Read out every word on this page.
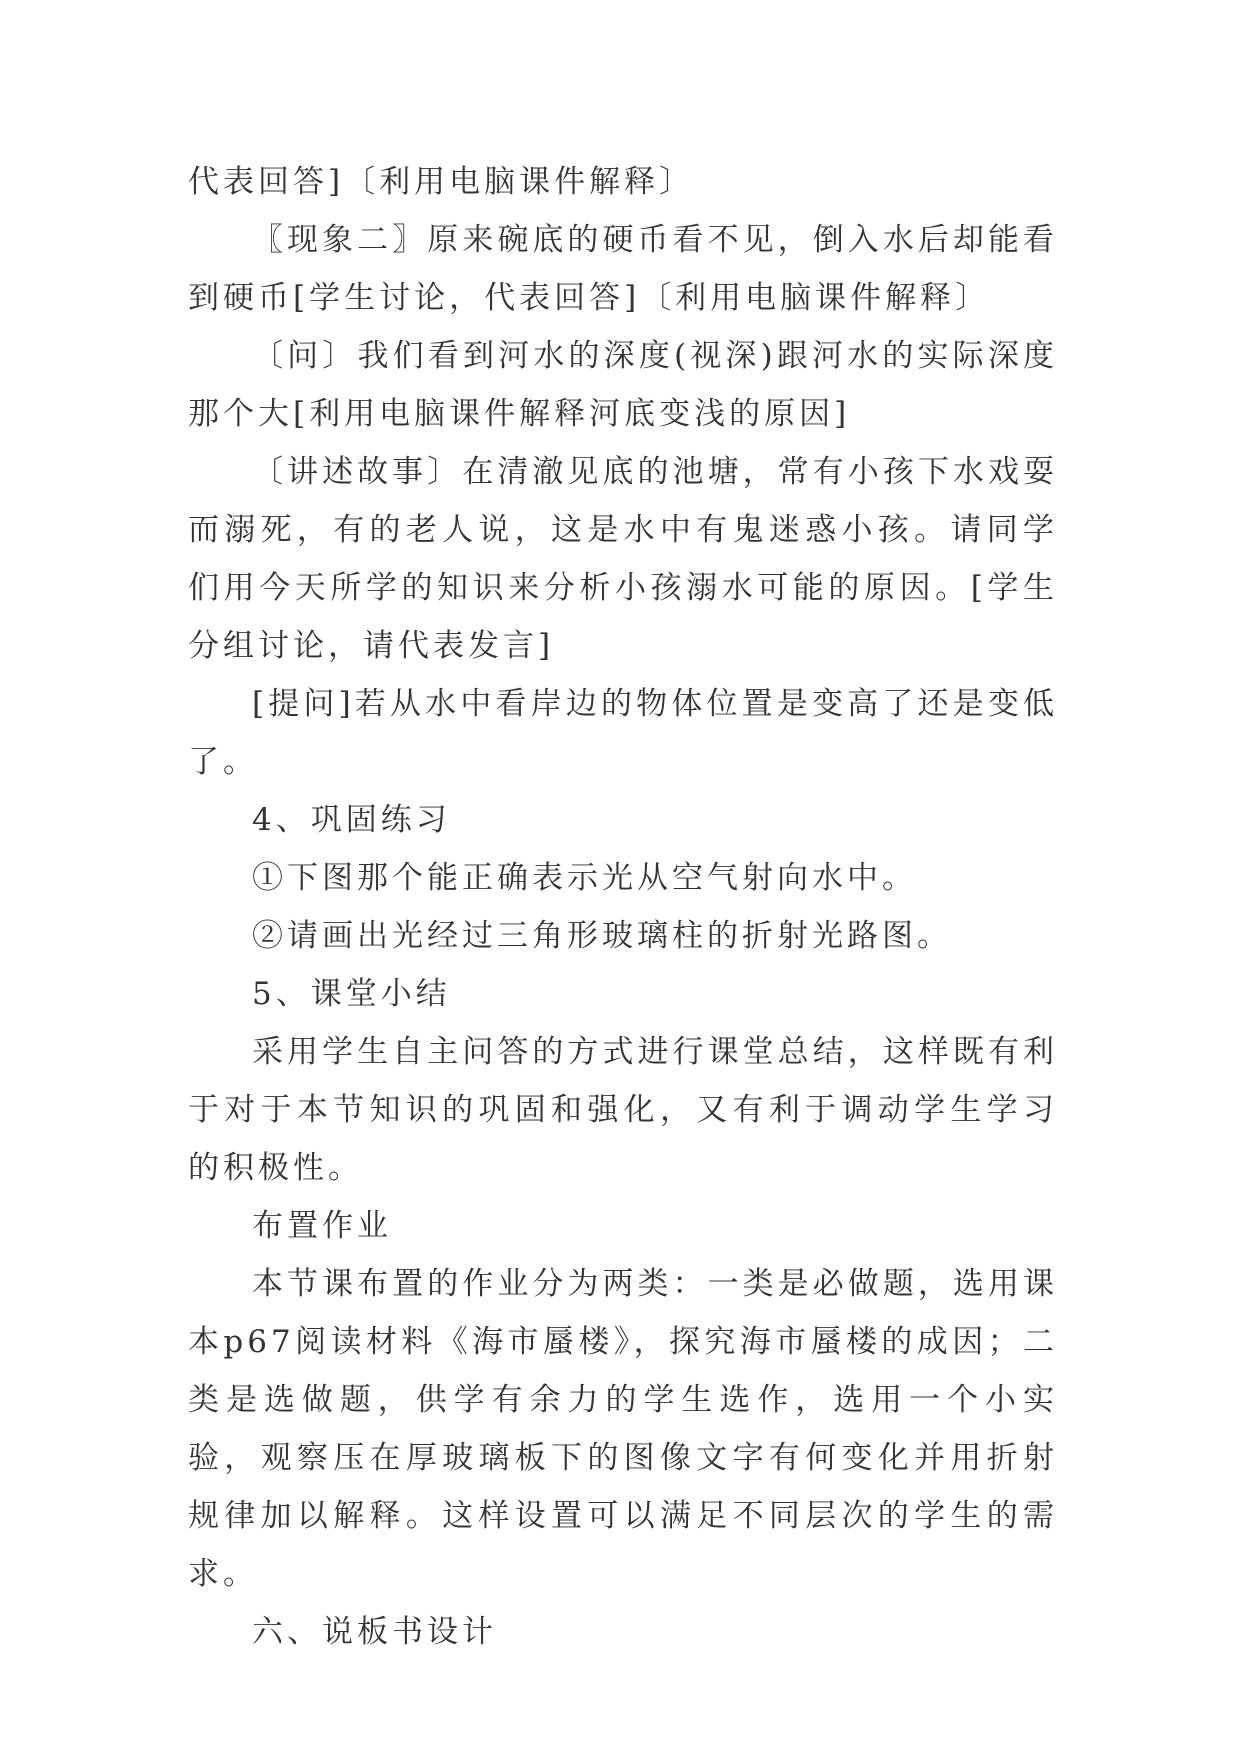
代表回答]〔利用电脑课件解释〕

〖现象二〗原来碗底的硬币看不见，倒入水后却能看到硬币[学生讨论，代表回答]〔利用电脑课件解释〕

〔问〕我们看到河水的深度(视深)跟河水的实际深度那个大[利用电脑课件解释河底变浅的原因]

〔讲述故事〕在清澈见底的池塘，常有小孩下水戏耍而溺死，有的老人说，这是水中有鬼迷惑小孩。请同学们用今天所学的知识来分析小孩溺水可能的原因。[学生分组讨论，请代表发言]

[提问]若从水中看岸边的物体位置是变高了还是变低了。

4、巩固练习

①下图那个能正确表示光从空气射向水中。

②请画出光经过三角形玻璃柱的折射光路图。

5、课堂小结

采用学生自主问答的方式进行课堂总结，这样既有利于对于本节知识的巩固和强化，又有利于调动学生学习的积极性。

布置作业

本节课布置的作业分为两类：一类是必做题，选用课本p67阅读材料《海市蜃楼》，探究海市蜃楼的成因；二类是选做题，供学有余力的学生选作，选用一个小实验，观察压在厚玻璃板下的图像文字有何变化并用折射规律加以解释。这样设置可以满足不同层次的学生的需求。

六、说板书设计
